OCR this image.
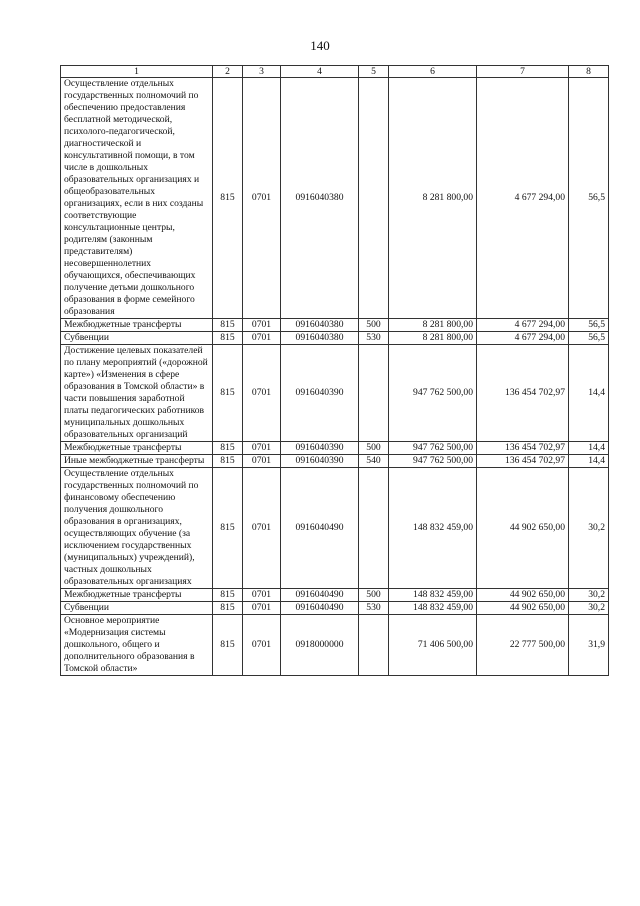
140
1	2	3	4	5	6	7	8
Осуществление отдельных государственных полномочий по обеспечению предоставления бесплатной методической, психолого-педагогической, диагностической и консультативной помощи, в том числе в дошкольных образовательных организациях и общеобразовательных организациях, если в них созданы соответствующие консультационные центры, родителям (законным представителям) несовершеннолетних обучающихся, обеспечивающих получение детьми дошкольного образования в форме семейного образования	815	0701	0916040380		8 281 800,00	4 677 294,00	56,5
Межбюджетные трансферты	815	0701	0916040380	500	8 281 800,00	4 677 294,00	56,5
Субвенции	815	0701	0916040380	530	8 281 800,00	4 677 294,00	56,5
Достижение целевых показателей по плану мероприятий («дорожной карте») «Изменения в сфере образования в Томской области» в части повышения заработной платы педагогических работников муниципальных дошкольных образовательных организаций	815	0701	0916040390		947 762 500,00	136 454 702,97	14,4
Межбюджетные трансферты	815	0701	0916040390	500	947 762 500,00	136 454 702,97	14,4
Иные межбюджетные трансферты	815	0701	0916040390	540	947 762 500,00	136 454 702,97	14,4
Осуществление отдельных государственных полномочий по финансовому обеспечению получения дошкольного образования в организациях, осуществляющих обучение (за исключением государственных (муниципальных) учреждений), частных дошкольных образовательных организациях	815	0701	0916040490		148 832 459,00	44 902 650,00	30,2
Межбюджетные трансферты	815	0701	0916040490	500	148 832 459,00	44 902 650,00	30,2
Субвенции	815	0701	0916040490	530	148 832 459,00	44 902 650,00	30,2
Основное мероприятие «Модернизация системы дошкольного, общего и дополнительного образования в Томской области»	815	0701	0918000000		71 406 500,00	22 777 500,00	31,9
